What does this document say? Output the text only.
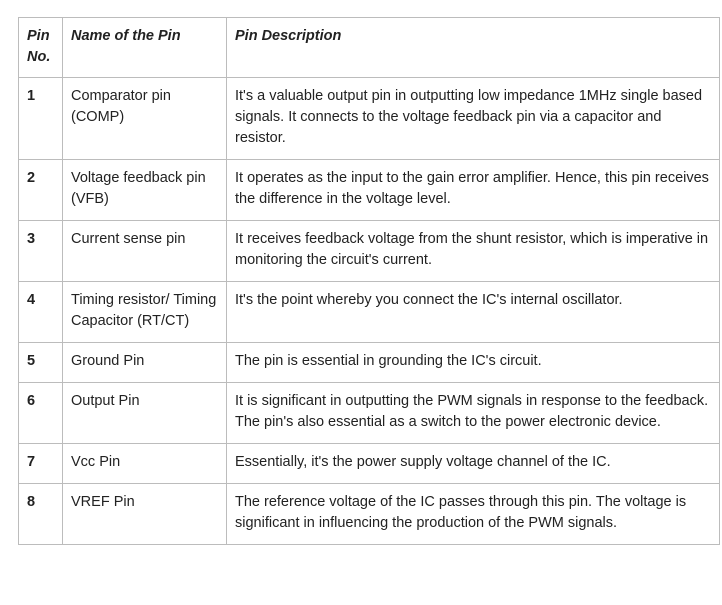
Pin No.	Name of the Pin	Pin Description
1	Comparator pin (COMP)	It's a valuable output pin in outputting low impedance 1MHz single based signals. It connects to the voltage feedback pin via a capacitor and resistor.
2	Voltage feedback pin (VFB)	It operates as the input to the gain error amplifier. Hence, this pin receives the difference in the voltage level.
3	Current sense pin	It receives feedback voltage from the shunt resistor, which is imperative in monitoring the circuit's current.
4	Timing resistor/ Timing Capacitor (RT/CT)	It's the point whereby you connect the IC's internal oscillator.
5	Ground Pin	The pin is essential in grounding the IC's circuit.
6	Output Pin	It is significant in outputting the PWM signals in response to the feedback. The pin's also essential as a switch to the power electronic device.
7	Vcc Pin	Essentially, it's the power supply voltage channel of the IC.
8	VREF Pin	The reference voltage of the IC passes through this pin. The voltage is significant in influencing the production of the PWM signals.
